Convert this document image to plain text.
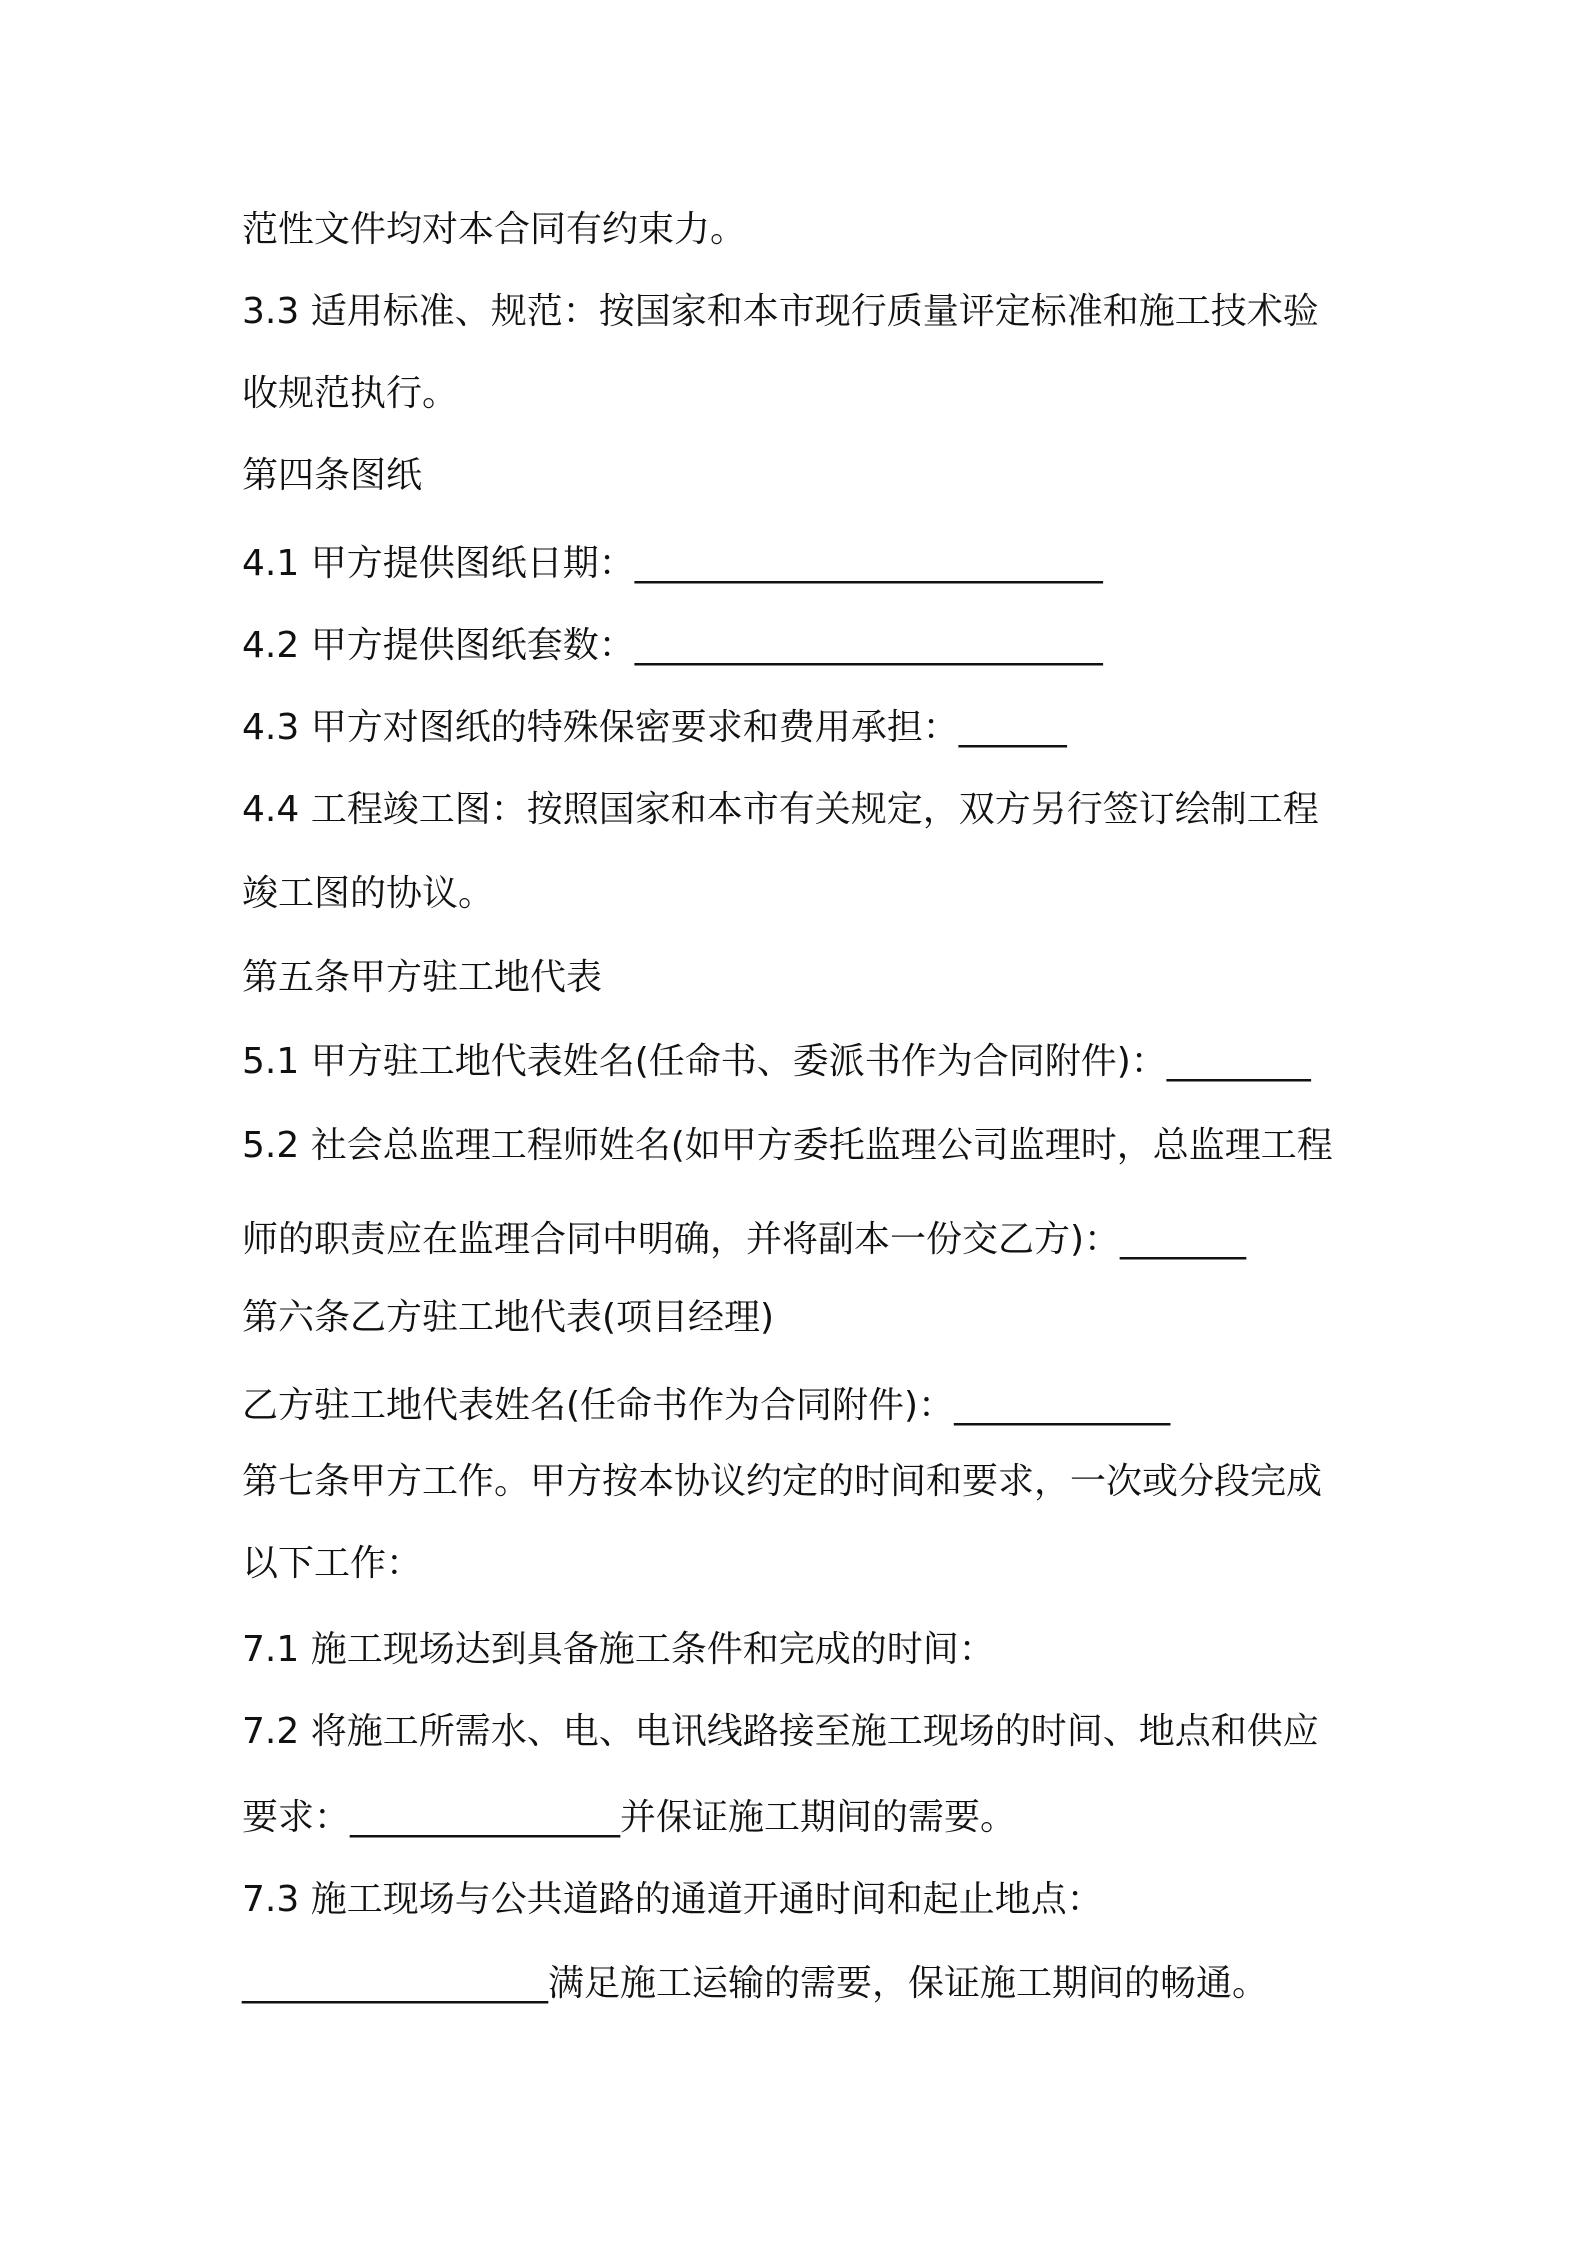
范性文件均对本合同有约束力。
3.3 适用标准、规范：按国家和本市现行质量评定标准和施工技术验
收规范执行。
第四条图纸
4.1 甲方提供图纸日期：__________________________
4.2 甲方提供图纸套数：__________________________
4.3 甲方对图纸的特殊保密要求和费用承担：______
4.4 工程竣工图：按照国家和本市有关规定，双方另行签订绘制工程
竣工图的协议。
第五条甲方驻工地代表
5.1 甲方驻工地代表姓名(任命书、委派书作为合同附件)：________
5.2 社会总监理工程师姓名(如甲方委托监理公司监理时，总监理工程
师的职责应在监理合同中明确，并将副本一份交乙方)：_______
第六条乙方驻工地代表(项目经理)
乙方驻工地代表姓名(任命书作为合同附件)：____________
第七条甲方工作。甲方按本协议约定的时间和要求，一次或分段完成
以下工作：
7.1 施工现场达到具备施工条件和完成的时间：
7.2 将施工所需水、电、电讯线路接至施工现场的时间、地点和供应
要求：_______________并保证施工期间的需要。
7.3 施工现场与公共道路的通道开通时间和起止地点：
_________________满足施工运输的需要，保证施工期间的畅通。
